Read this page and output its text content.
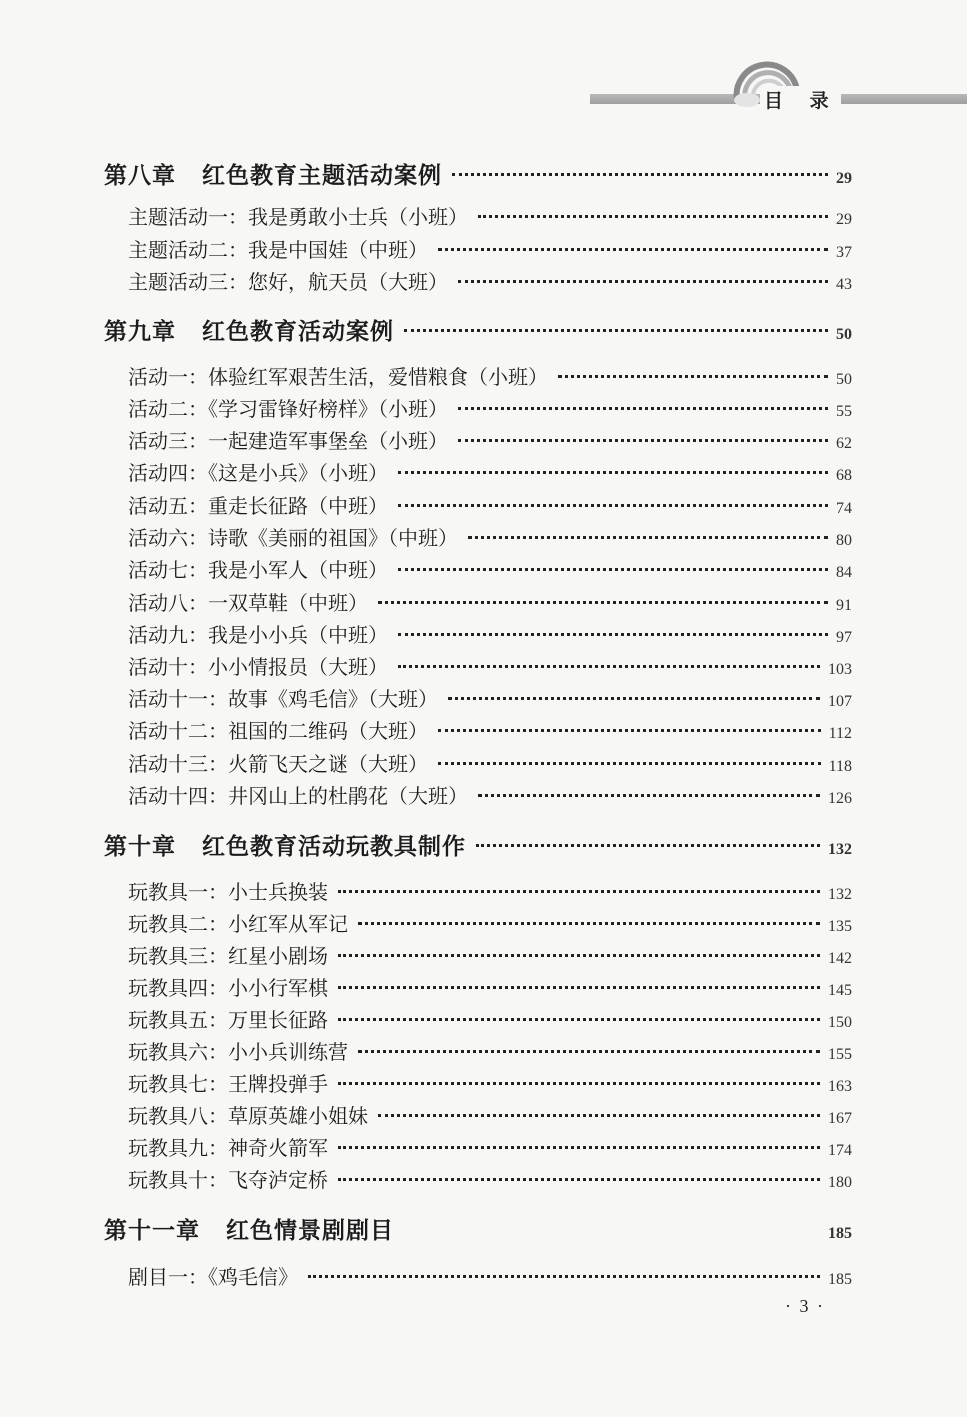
目 录
第八章 红色教育主题活动案例	29
主题活动一：我是勇敢小士兵（小班）	29
主题活动二：我是中国娃（中班）	37
主题活动三：您好，航天员（大班）	43
第九章 红色教育活动案例	50
活动一：体验红军艰苦生活，爱惜粮食（小班）	50
活动二：《学习雷锋好榜样》（小班）	55
活动三：一起建造军事堡垒（小班）	62
活动四：《这是小兵》（小班）	68
活动五：重走长征路（中班）	74
活动六：诗歌《美丽的祖国》（中班）	80
活动七：我是小军人（中班）	84
活动八：一双草鞋（中班）	91
活动九：我是小小兵（中班）	97
活动十：小小情报员（大班）	103
活动十一：故事《鸡毛信》（大班）	107
活动十二：祖国的二维码（大班）	112
活动十三：火箭飞天之谜（大班）	118
活动十四：井冈山上的杜鹃花（大班）	126
第十章 红色教育活动玩教具制作	132
玩教具一：小士兵换装	132
玩教具二：小红军从军记	135
玩教具三：红星小剧场	142
玩教具四：小小行军棋	145
玩教具五：万里长征路	150
玩教具六：小小兵训练营	155
玩教具七：王牌投弹手	163
玩教具八：草原英雄小姐妹	167
玩教具九：神奇火箭军	174
玩教具十：飞夺泸定桥	180
第十一章 红色情景剧剧目	185
剧目一：《鸡毛信》	185
· 3 ·
